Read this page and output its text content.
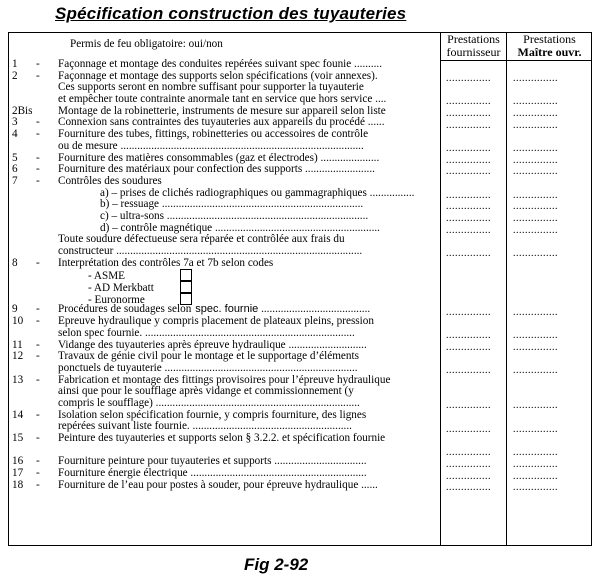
Spécification construction des tuyauteries
Prestations
fournisseur
Prestations
Maître ouvr.
Permis de feu obligatoire: oui/non
1 - Façonnage et montage des conduites repérées suivant spec founie ..........
2 - Façonnage et montage des supports selon spécifications (voir annexes).
Ces supports seront en nombre suffisant pour supporter la tuyauterie
et empêcher toute contrainte anormale tant en service que hors service ....
2Bis Montage de la robinetterie, instruments de mesure sur appareil selon liste
3 - Connexion sans contraintes des tuyauteries aux appareils du procédé ......
4 - Fourniture des tubes, fittings, robinetteries ou accessoires de contrôle
ou de mesure .......................................................................................
5 - Fourniture des matières consommables (gaz et électrodes) .....................
6 - Fourniture des matériaux pour confection des supports .........................
7 - Contrôles des soudures
a) – prises de clichés radiographiques ou gammagraphiques ................
b) – ressuage ........................................................................
c) – ultra-sons ........................................................................
d) – contrôle magnétique ...........................................................
Toute soudure défectueuse sera réparée et contrôlée aux frais du
constructeur ........................................................................................
8 - Interprétation des contrôles 7a et 7b selon codes
- ASME
- AD Merkbatt
- Euronorme
9 - Procédures de soudages selon spec. fournie .......................................
10 - Epreuve hydraulique y compris placement de plateaux pleins, pression
selon spec fournie. ...........................................................................
11 - Vidange des tuyauteries après épreuve hydraulique ............................
12 - Travaux de génie civil pour le montage et le supportage d’éléments
ponctuels de tuyauterie .....................................................................
13 - Fabrication et montage des fittings provisoires pour l’épreuve hydraulique
ainsi que pour le soufflage après vidange et commissionnement (y
compris le soufflage) .........................................................................
14 - Isolation selon spécification fournie, y compris fourniture, des lignes
repérées suivant liste fournie. .........................................................
15 - Peinture des tuyauteries et supports selon § 3.2.2. et spécification fournie
16 - Fourniture peinture pour tuyauteries et supports .................................
17 - Fourniture énergie électrique ...............................................................
18 - Fourniture de l’eau pour postes à souder, pour épreuve hydraulique ......
............... ...............
............... ...............
............... ...............
............... ...............
............... ...............
............... ...............
............... ...............
............... ...............
............... ...............
............... ...............
............... ...............
............... ...............
............... ...............
............... ...............
............... ...............
............... ...............
............... ...............
............... ...............
............... ...............
............... ...............
............... ...............
............... ...............
Fig 2-92
